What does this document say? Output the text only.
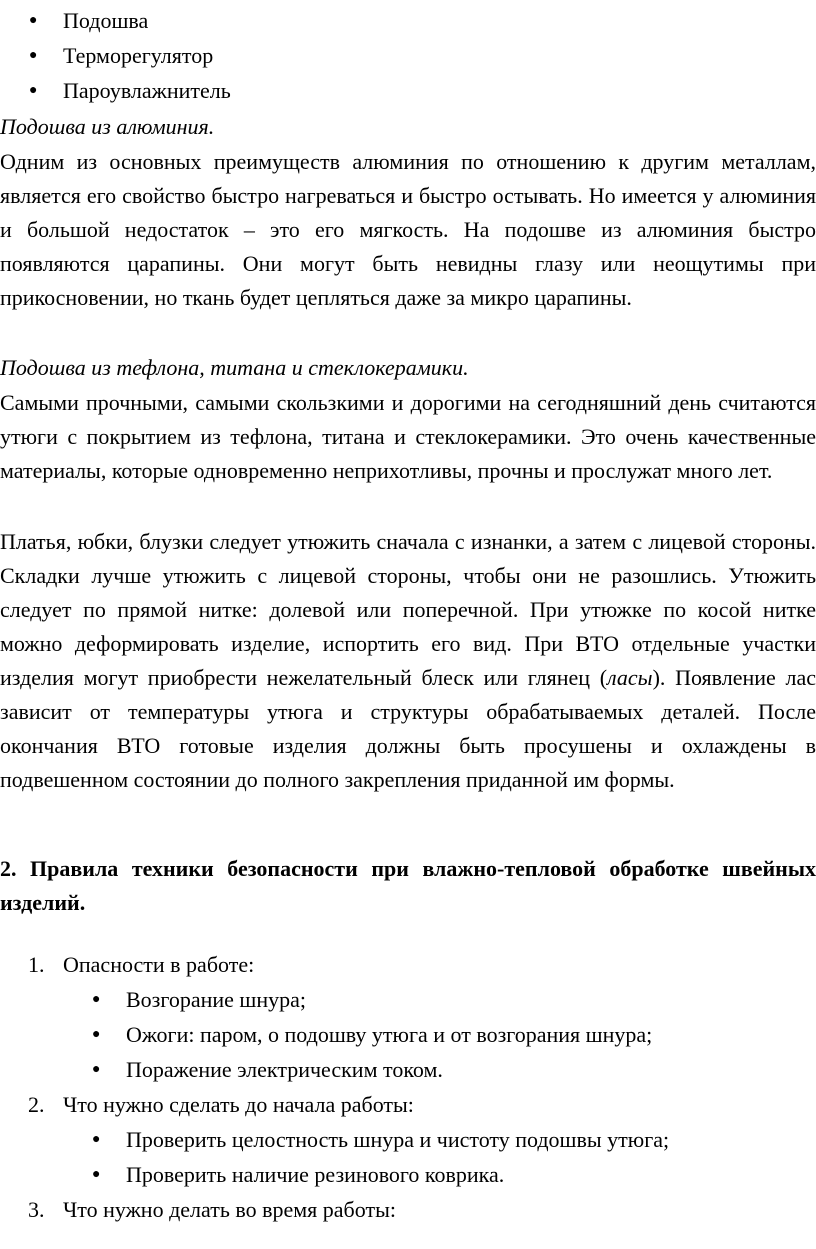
● Подошва
● Терморегулятор
● Пароувлажнитель

Подошва из алюминия.

Одним из основных преимуществ алюминия по отношению к другим металлам, является его свойство быстро нагреваться и быстро остывать. Но имеется у алюминия и большой недостаток – это его мягкость. На подошве из алюминия быстро появляются царапины. Они могут быть невидны глазу или неощутимы при прикосновении, но ткань будет цепляться даже за микро царапины.

Подошва из тефлона, титана и стеклокерамики.

Самыми прочными, самыми скользкими и дорогими на сегодняшний день считаются утюги с покрытием из тефлона, титана и стеклокерамики. Это очень качественные материалы, которые одновременно неприхотливы, прочны и прослужат много лет.

Платья, юбки, блузки следует утюжить сначала с изнанки, а затем с лицевой стороны. Складки лучше утюжить с лицевой стороны, чтобы они не разошлись. Утюжить следует по прямой нитке: долевой или поперечной. При утюжке по косой нитке можно деформировать изделие, испортить его вид. При ВТО отдельные участки изделия могут приобрести нежелательный блеск или глянец (ласы). Появление лас зависит от температуры утюга и структуры обрабатываемых деталей. После окончания ВТО готовые изделия должны быть просушены и охлаждены в подвешенном состоянии до полного закрепления приданной им формы.

2. Правила техники безопасности при влажно-тепловой обработке швейных изделий.

1. Опасности в работе:
● Возгорание шнура;
● Ожоги: паром, о подошву утюга и от возгорания шнура;
● Поражение электрическим током.
2. Что нужно сделать до начала работы:
● Проверить целостность шнура и чистоту подошвы утюга;
● Проверить наличие резинового коврика.
3. Что нужно делать во время работы:
